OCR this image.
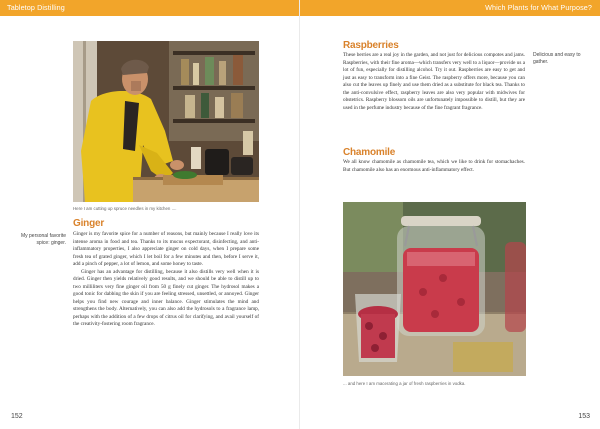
Tabletop Distilling
Here I am cutting up spruce needles in my kitchen ....
Ginger
My personal favorite spice: ginger.

Ginger is my favorite spice for a number of reasons, but mainly because I really love its intense aroma in food and tea. Thanks to its mucus expectorant, disinfecting, and anti-inflammatory properties, I also appreciate ginger on cold days, when I prepare some fresh tea of grated ginger, which I let boil for a few minutes and then, before I serve it, add a pinch of pepper, a lot of lemon, and some honey to taste.

Ginger has an advantage for distilling, because it also distills very well when it is dried. Ginger then yields relatively good results, and we should be able to distill up to two milliliters very fine ginger oil from 50 g finely cut ginger. The hydrosol makes a good tonic for dabbing the skin if you are feeling stressed, unsettled, or annoyed. Ginger helps you find new courage and inner balance. Ginger stimulates the mind and strengthens the body. Alternatively, you can also add the hydrosols to a fragrance lamp, perhaps with the addition of a few drops of citrus oil for clarifying, and avail yourself of the creativity-fostering room fragrance.

152
Which Plants for What Purpose?
Raspberries
These berries are a real joy in the garden, and not just for delicious compotes and jams. Raspberries, with their fine aroma—which transfers very well to a liquor—provide us a lot of fun, especially for distilling alcohol. Try it out. Raspberries are easy to get and just as easy to transform into a fine Geist. The raspberry offers more, because you can also cut the leaves up finely and use them dried as a substitute for black tea. Thanks to the anti-convulsive effect, raspberry leaves are also very popular with midwives for obstetrics. Raspberry blossom oils are unfortunately impossible to distill, but they are used in the perfume industry because of the fine fragrant fragrance.
Delicious and easy to gather.
Chamomile
We all know chamomile as chamomile tea, which we like to drink for stomachaches. But chamomile also has an enormous anti-inflammatory effect.
... and here I am macerating a jar of fresh raspberries in vodka.
153
